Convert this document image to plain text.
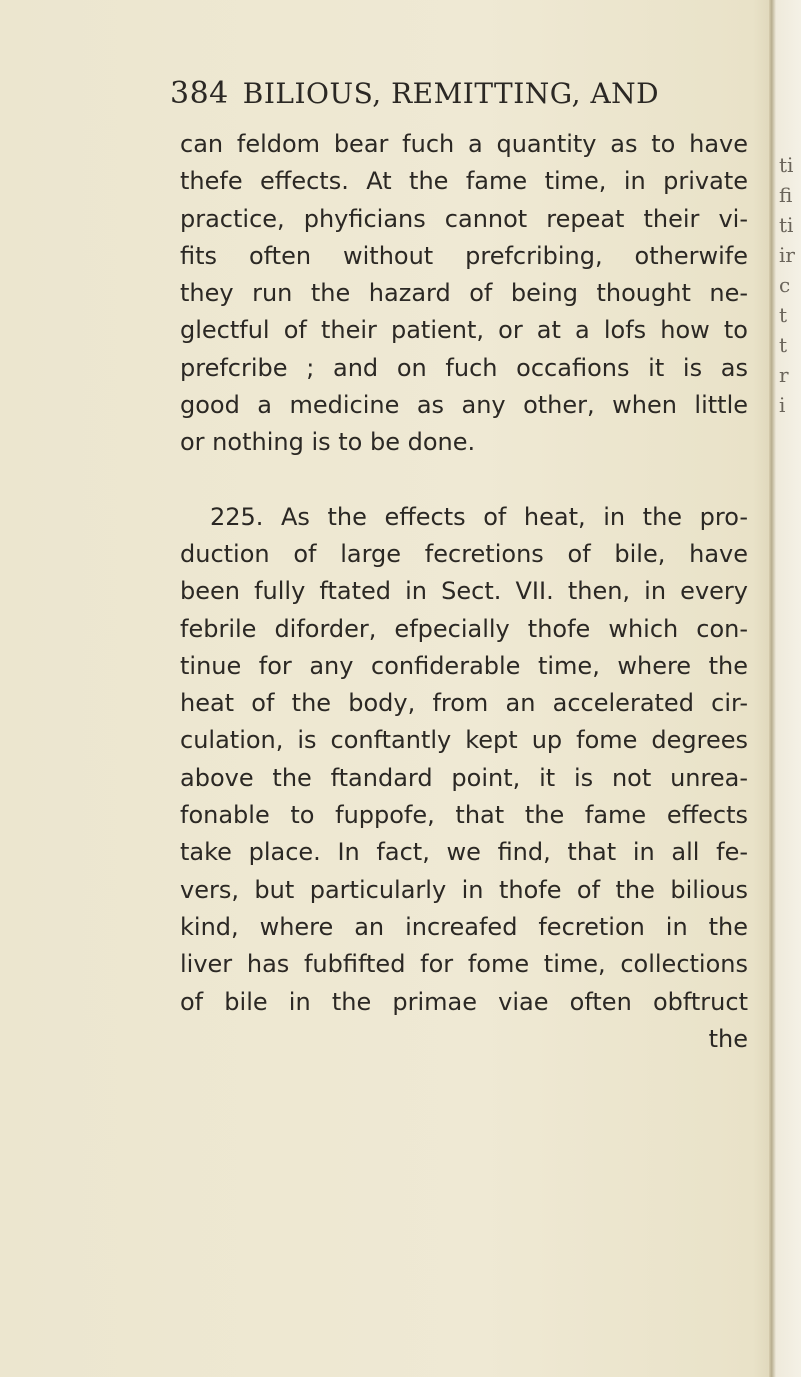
384 BILIOUS, REMITTING, AND
can feldom bear fuch a quantity as to have
thefe effects. At the fame time, in private
practice, phyficians cannot repeat their vi-
fits often without prefcribing, otherwife
they run the hazard of being thought ne-
glectful of their patient, or at a lofs how to
prefcribe ; and on fuch occafions it is as
good a medicine as any other, when little
or nothing is to be done.
225. As the effects of heat, in the pro-
duction of large fecretions of bile, have
been fully ftated in Sect. VII. then, in every
febrile diforder, efpecially thofe which con-
tinue for any confiderable time, where the
heat of the body, from an accelerated cir-
culation, is conftantly kept up fome degrees
above the ftandard point, it is not unrea-
fonable to fuppofe, that the fame effects
take place. In fact, we find, that in all fe-
vers, but particularly in thofe of the bilious
kind, where an increafed fecretion in the
liver has fubfifted for fome time, collections
of bile in the primae viae often obftruct
the
ti
fi
ti
ir
c
t
t
r
i
